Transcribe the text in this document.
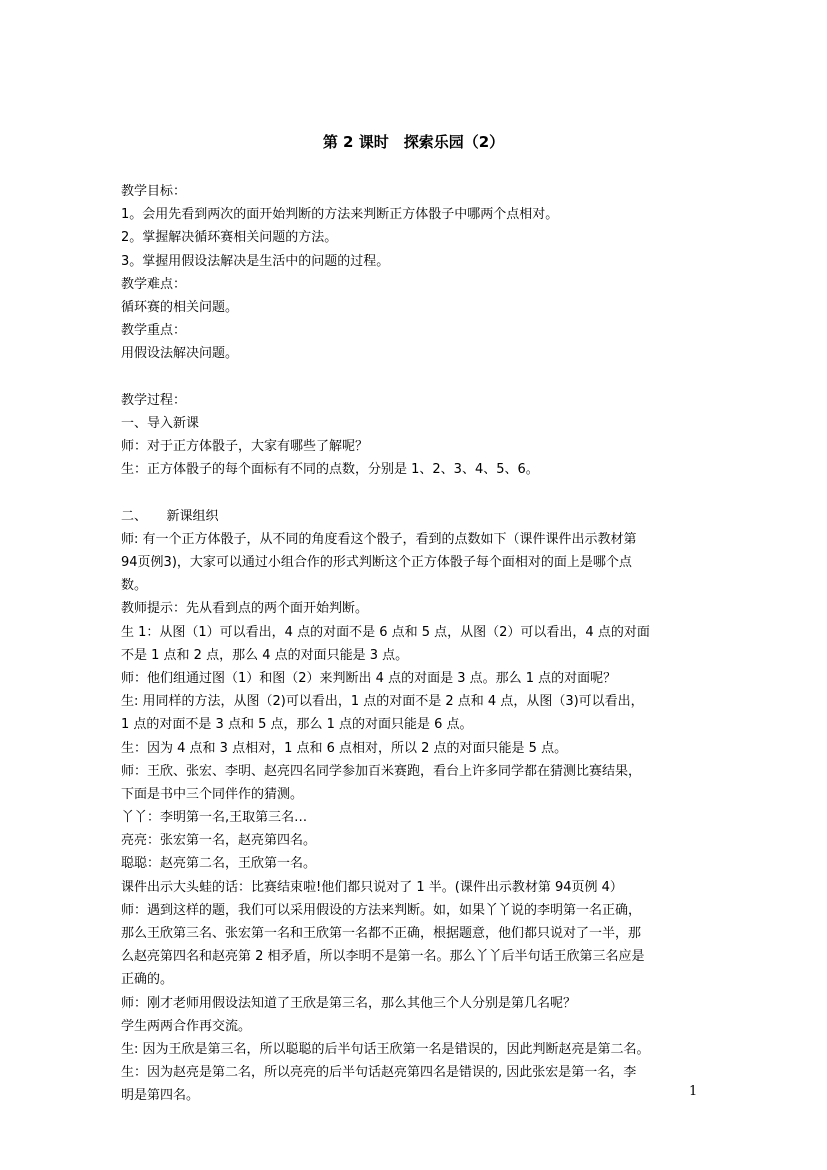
第 2 课时　探索乐园（2）
教学目标：
1。会用先看到两次的面开始判断的方法来判断正方体骰子中哪两个点相对。
2。掌握解决循环赛相关问题的方法。
3。掌握用假设法解决是生活中的问题的过程。
教学难点：
循环赛的相关问题。
教学重点：
用假设法解决问题。
教学过程：
一、导入新课
师：对于正方体骰子，大家有哪些了解呢？
生：正方体骰子的每个面标有不同的点数，分别是 1、2、3、4、5、6。
二、　　新课组织
师: 有一个正方体骰子，从不同的角度看这个骰子，看到的点数如下（课件课件出示教材第
94页例3)，大家可以通过小组合作的形式判断这个正方体骰子每个面相对的面上是哪个点
数。
教师提示：先从看到点的两个面开始判断。
生 1：从图（1）可以看出，4 点的对面不是 6 点和 5 点，从图（2）可以看出，4 点的对面
不是 1 点和 2 点，那么 4 点的对面只能是 3 点。
师：他们组通过图（1）和图（2）来判断出 4 点的对面是 3 点。那么 1 点的对面呢？
生: 用同样的方法，从图（2)可以看出，1 点的对面不是 2 点和 4 点，从图（3)可以看出，
1 点的对面不是 3 点和 5 点，那么 1 点的对面只能是 6 点。
生：因为 4 点和 3 点相对，1 点和 6 点相对，所以 2 点的对面只能是 5 点。
师：王欣、张宏、李明、赵亮四名同学参加百米赛跑，看台上许多同学都在猜测比赛结果，
下面是书中三个同伴作的猜测。
丫丫：李明第一名,王取第三名…
亮亮：张宏第一名，赵亮第四名。
聪聪：赵亮第二名，王欣第一名。
课件出示大头蛙的话：比赛结束啦!他们都只说对了 1 半。(课件出示教材第 94页例 4）
师：遇到这样的题，我们可以采用假设的方法来判断。如，如果丫丫说的李明第一名正确，
那么王欣第三名、张宏第一名和王欣第一名都不正确，根据题意，他们都只说对了一半，那
么赵亮第四名和赵亮第 2 相矛盾，所以李明不是第一名。那么丫丫后半句话王欣第三名应是
正确的。
师：刚才老师用假设法知道了王欣是第三名，那么其他三个人分别是第几名呢？
学生两两合作再交流。
生: 因为王欣是第三名，所以聪聪的后半句话王欣第一名是错误的，因此判断赵亮是第二名。
生：因为赵亮是第二名，所以亮亮的后半句话赵亮第四名是错误的, 因此张宏是第一名，李
明是第四名。	1
